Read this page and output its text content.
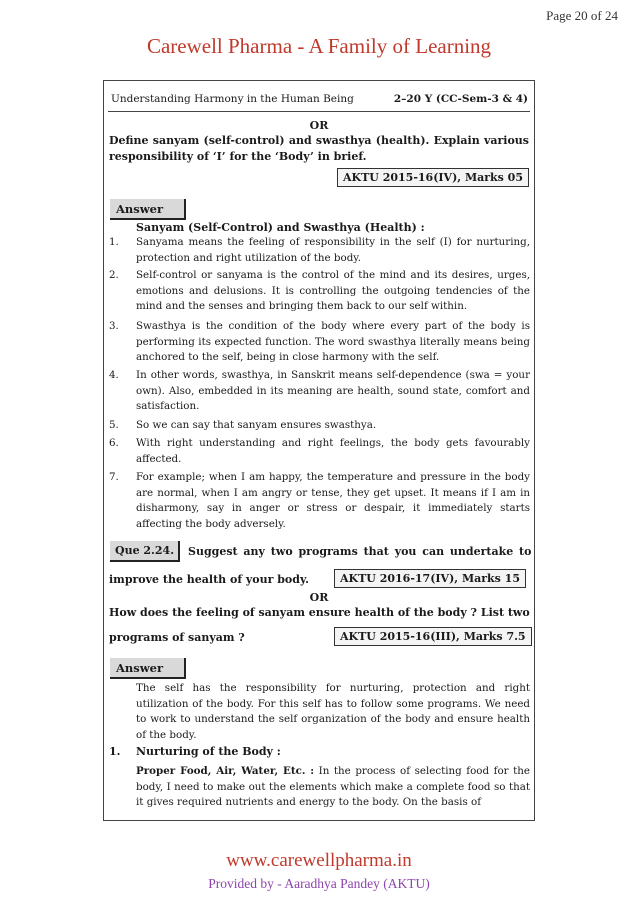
Page 20 of 24
Carewell Pharma - A Family of Learning
Understanding Harmony in the Human Being	2–20 Y (CC-Sem-3 & 4)
OR
Define sanyam (self-control) and swasthya (health). Explain various responsibility of ‘I’ for the ‘Body’ in brief.
AKTU 2015-16(IV), Marks 05
Answer
Sanyam (Self-Control) and Swasthya (Health) :
1. Sanyama means the feeling of responsibility in the self (I) for nurturing, protection and right utilization of the body.
2. Self-control or sanyama is the control of the mind and its desires, urges, emotions and delusions. It is controlling the outgoing tendencies of the mind and the senses and bringing them back to our self within.
3. Swasthya is the condition of the body where every part of the body is performing its expected function. The word swasthya literally means being anchored to the self, being in close harmony with the self.
4. In other words, swasthya, in Sanskrit means self-dependence (swa = your own). Also, embedded in its meaning are health, sound state, comfort and satisfaction.
5. So we can say that sanyam ensures swasthya.
6. With right understanding and right feelings, the body gets favourably affected.
7. For example; when I am happy, the temperature and pressure in the body are normal, when I am angry or tense, they get upset. It means if I am in disharmony, say in anger or stress or despair, it immediately starts affecting the body adversely.
Que 2.24.	Suggest any two programs that you can undertake to
improve the health of your body.	AKTU 2016-17(IV), Marks 15
OR
How does the feeling of sanyam ensure health of the body ? List two
programs of sanyam ?	AKTU 2015-16(III), Marks 7.5
Answer
The self has the responsibility for nurturing, protection and right utilization of the body. For this self has to follow some programs. We need to work to understand the self organization of the body and ensure health of the body.
1. Nurturing of the Body :
Proper Food, Air, Water, Etc. : In the process of selecting food for the body, I need to make out the elements which make a complete food so that it gives required nutrients and energy to the body. On the basis of
www.carewellpharma.in
Provided by - Aaradhya Pandey (AKTU)
